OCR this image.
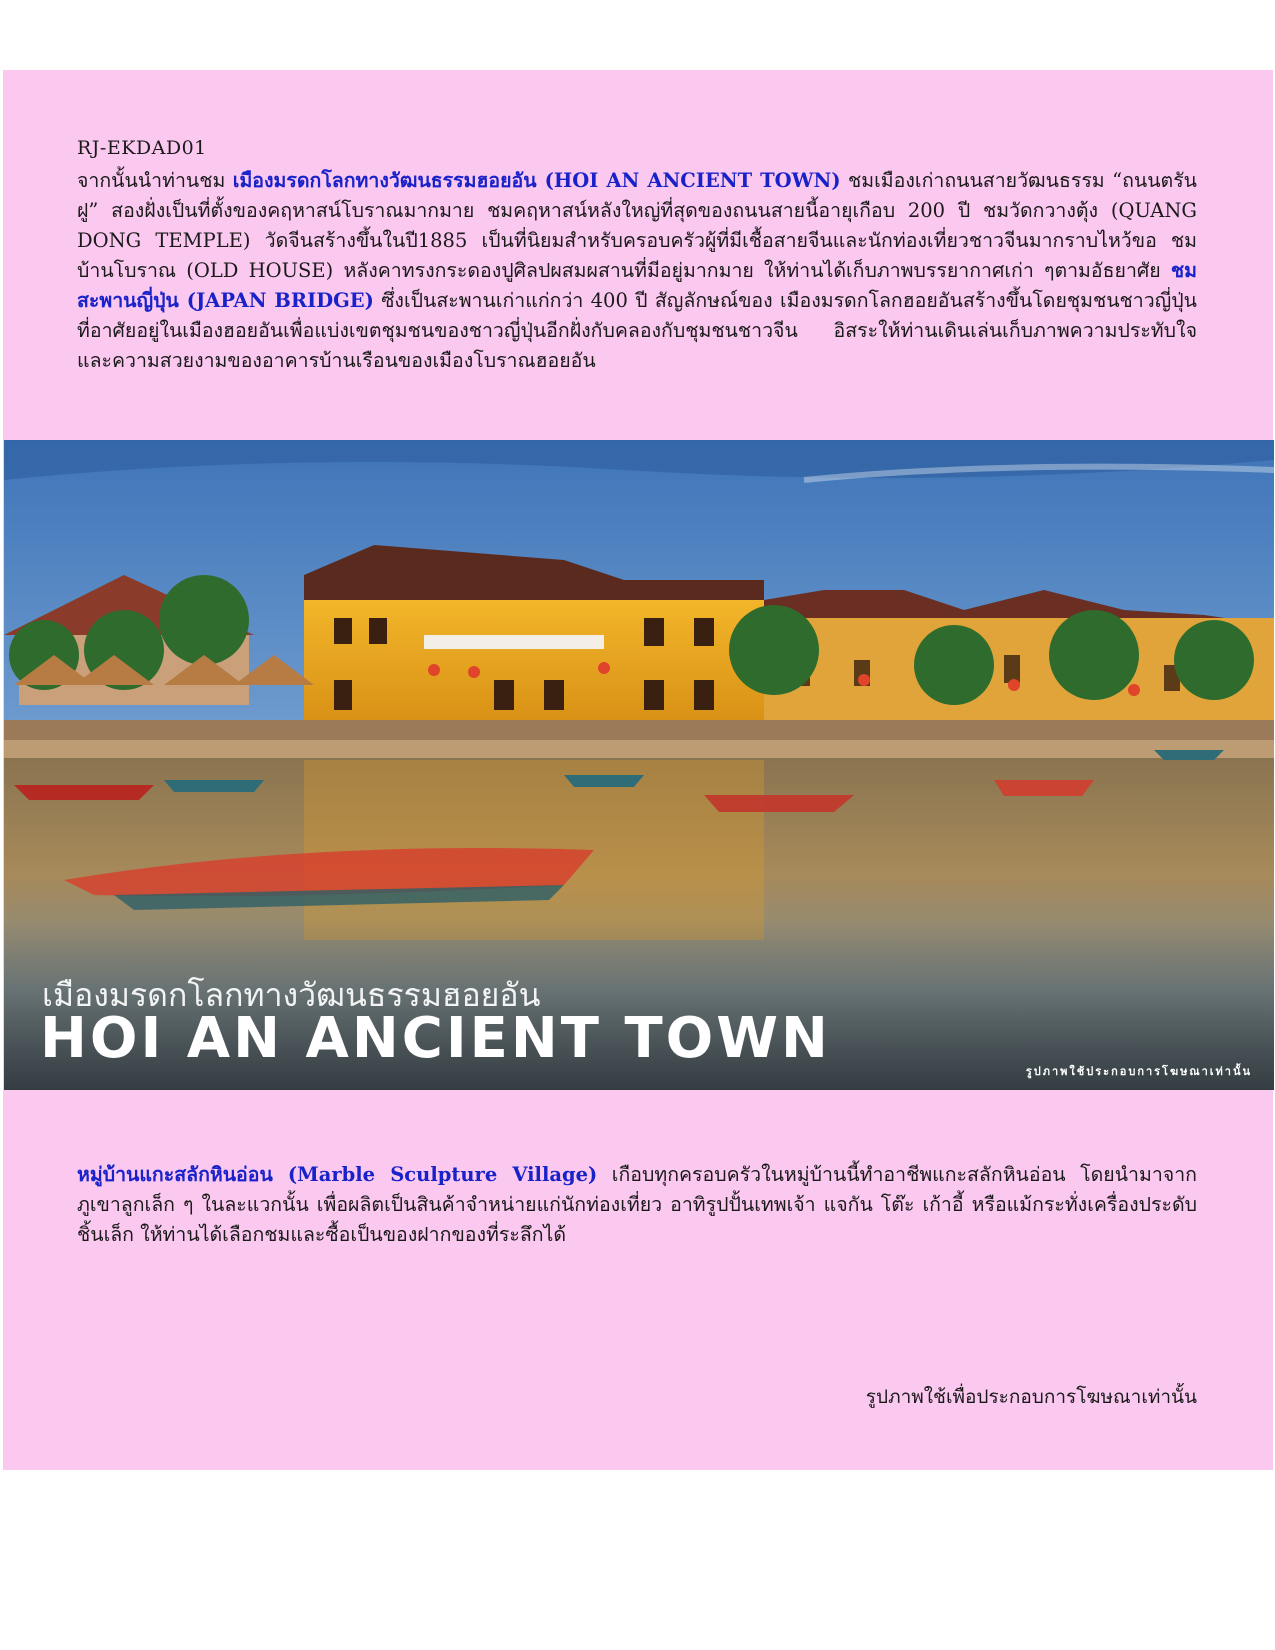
RJ-EKDAD01

จากนั้นนำท่านชม เมืองมรดกโลกทางวัฒนธรรมฮอยอัน (HOI AN ANCIENT TOWN) ชมเมืองเก่าถนนสายวัฒนธรรม “ถนนตรันฝู” สองฝั่งเป็นที่ตั้งของคฤหาสน์โบราณมากมาย ชมคฤหาสน์หลังใหญ่ที่สุดของถนนสายนี้อายุเกือบ 200 ปี ชมวัดกวางตุ้ง (QUANG DONG TEMPLE) วัดจีนสร้างขึ้นในปี1885 เป็นที่นิยมสำหรับครอบครัวผู้ที่มีเชื้อสายจีนและนักท่องเที่ยวชาวจีนมากราบไหว้ขอ ชมบ้านโบราณ (OLD HOUSE) หลังคาทรงกระดองปูศิลปผสมผสานที่มีอยู่มากมาย ให้ท่านได้เก็บภาพบรรยากาศเก่า ๆตามอัธยาศัย ชมสะพานญี่ปุ่น (JAPAN BRIDGE) ซึ่งเป็นสะพานเก่าแก่กว่า 400 ปี สัญลักษณ์ของ เมืองมรดกโลกฮอยอันสร้างขึ้นโดยชุมชนชาวญี่ปุ่นที่อาศัยอยู่ในเมืองฮอยอันเพื่อแบ่งเขตชุมชนของชาวญี่ปุ่นอีกฝั่งกับคลองกับชุมชนชาวจีน อิสระให้ท่านเดินเล่นเก็บภาพความประทับใจ และความสวยงามของอาคารบ้านเรือนของเมืองโบราณฮอยอัน

เมืองมรดกโลกทางวัฒนธรรมฮอยอัน
HOI AN ANCIENT TOWN
รูปภาพใช้ประกอบการโฆษณาเท่านั้น

หมู่บ้านแกะสลักหินอ่อน (Marble Sculpture Village) เกือบทุกครอบครัวในหมู่บ้านนี้ทำอาชีพแกะสลักหินอ่อน โดยนำมาจากภูเขาลูกเล็ก ๆ ในละแวกนั้น เพื่อผลิตเป็นสินค้าจำหน่ายแก่นักท่องเที่ยว อาทิรูปปั้นเทพเจ้า แจกัน โต๊ะ เก้าอี้ หรือแม้กระทั่งเครื่องประดับชิ้นเล็ก ให้ท่านได้เลือกชมและซื้อเป็นของฝากของที่ระลึกได้

รูปภาพใช้เพื่อประกอบการโฆษณาเท่านั้น
